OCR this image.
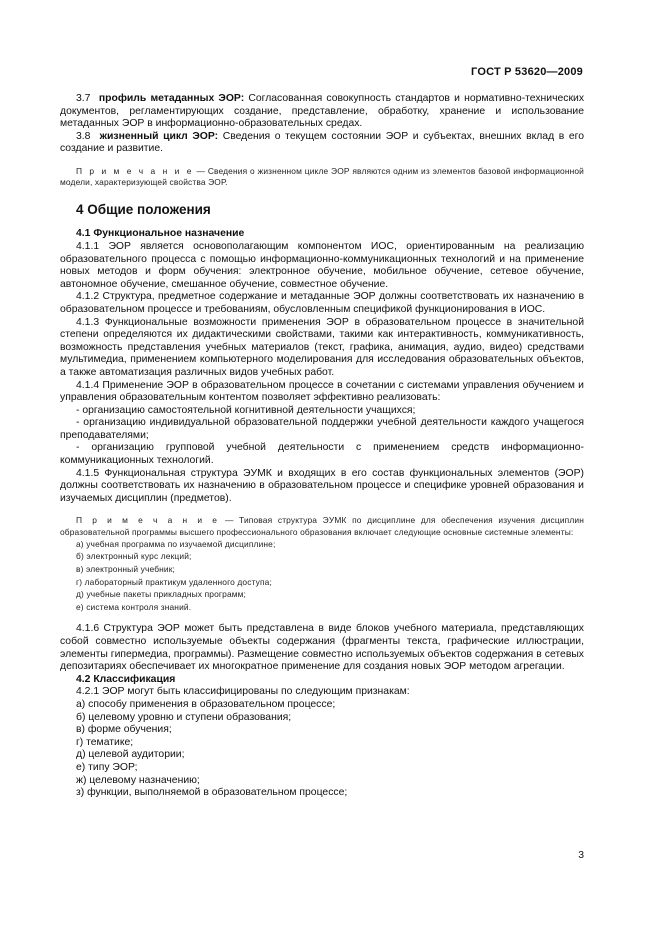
ГОСТ Р 53620—2009

3.7 профиль метаданных ЭОР: Согласованная совокупность стандартов и нормативно-технических документов, регламентирующих создание, представление, обработку, хранение и использование метаданных ЭОР в информационно-образовательных средах.

3.8 жизненный цикл ЭОР: Сведения о текущем состоянии ЭОР и субъектах, внешних вклад в его создание и развитие.

П р и м е ч а н и е — Сведения о жизненном цикле ЭОР являются одним из элементов базовой информационной модели, характеризующей свойства ЭОР.

4 Общие положения
4.1 Функциональное назначение

4.1.1 ЭОР является основополагающим компонентом ИОС, ориентированным на реализацию образовательного процесса с помощью информационно-коммуникационных технологий и на применение новых методов и форм обучения: электронное обучение, мобильное обучение, сетевое обучение, автономное обучение, смешанное обучение, совместное обучение.

4.1.2 Структура, предметное содержание и метаданные ЭОР должны соответствовать их назначению в образовательном процессе и требованиям, обусловленным спецификой функционирования в ИОС.

4.1.3 Функциональные возможности применения ЭОР в образовательном процессе в значительной степени определяются их дидактическими свойствами, такими как интерактивность, коммуникативность, возможность представления учебных материалов (текст, графика, анимация, аудио, видео) средствами мультимедиа, применением компьютерного моделирования для исследования образовательных объектов, а также автоматизация различных видов учебных работ.

4.1.4 Применение ЭОР в образовательном процессе в сочетании с системами управления обучением и управления образовательным контентом позволяет эффективно реализовать:

- организацию самостоятельной когнитивной деятельности учащихся;

- организацию индивидуальной образовательной поддержки учебной деятельности каждого учащегося преподавателями;

- организацию групповой учебной деятельности с применением средств информационно-коммуникационных технологий.

4.1.5 Функциональная структура ЭУМК и входящих в его состав функциональных элементов (ЭОР) должны соответствовать их назначению в образовательном процессе и специфике уровней образования и изучаемых дисциплин (предметов).

П р и м е ч а н и е — Типовая структура ЭУМК по дисциплине для обеспечения изучения дисциплин образовательной программы высшего профессионального образования включает следующие основные системные элементы:

а) учебная программа по изучаемой дисциплине;
б) электронный курс лекций;
в) электронный учебник;
г) лабораторный практикум удаленного доступа;
д) учебные пакеты прикладных программ;
е) система контроля знаний.

4.1.6 Структура ЭОР может быть представлена в виде блоков учебного материала, представляющих собой совместно используемые объекты содержания (фрагменты текста, графические иллюстрации, элементы гипермедиа, программы). Размещение совместно используемых объектов содержания в сетевых депозитариях обеспечивает их многократное применение для создания новых ЭОР методом агрегации.

4.2 Классификация

4.2.1 ЭОР могут быть классифицированы по следующим признакам:

а) способу применения в образовательном процессе;

б) целевому уровню и ступени образования;

в) форме обучения;

г) тематике;

д) целевой аудитории;

е) типу ЭОР;

ж) целевому назначению;

з) функции, выполняемой в образовательном процессе;

3
